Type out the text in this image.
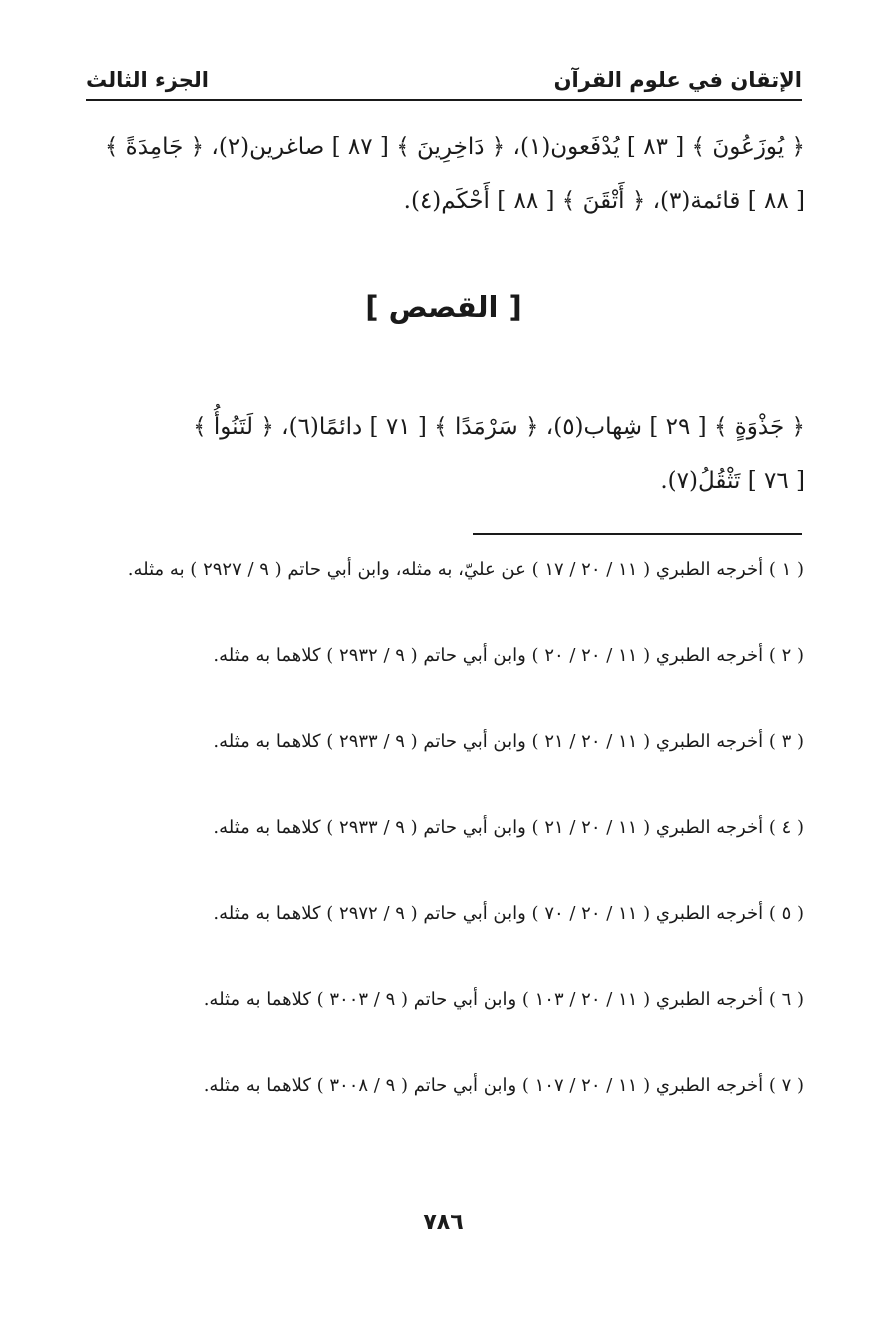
الإتقان في علوم القرآن
الجزء الثالث
﴿ يُوزَعُونَ ﴾ [ ٨٣ ] يُدْفَعون(١)، ﴿ دَاخِرِينَ ﴾ [ ٨٧ ] صاغرين(٢)، ﴿ جَامِدَةً ﴾
[ ٨٨ ] قائمة(٣)، ﴿ أَتْقَنَ ﴾ [ ٨٨ ] أَحْكَم(٤).
[ القصص ]
﴿ جَذْوَةٍ ﴾ [ ٢٩ ] شِهاب(٥)، ﴿ سَرْمَدًا ﴾ [ ٧١ ] دائمًا(٦)، ﴿ لَتَنُوأُ ﴾
[ ٧٦ ] تَثْقُلُ(٧).

( ١ ) أخرجه الطبري ( ١١ / ٢٠ / ١٧ ) عن عليّ، به مثله، وابن أبي حاتم ( ٩ / ٢٩٢٧ ) به مثله.

( ٢ ) أخرجه الطبري ( ١١ / ٢٠ / ٢٠ ) وابن أبي حاتم ( ٩ / ٢٩٣٢ ) كلاهما به مثله.

( ٣ ) أخرجه الطبري ( ١١ / ٢٠ / ٢١ ) وابن أبي حاتم ( ٩ / ٢٩٣٣ ) كلاهما به مثله.

( ٤ ) أخرجه الطبري ( ١١ / ٢٠ / ٢١ ) وابن أبي حاتم ( ٩ / ٢٩٣٣ ) كلاهما به مثله.

( ٥ ) أخرجه الطبري ( ١١ / ٢٠ / ٧٠ ) وابن أبي حاتم ( ٩ / ٢٩٧٢ ) كلاهما به مثله.

( ٦ ) أخرجه الطبري ( ١١ / ٢٠ / ١٠٣ ) وابن أبي حاتم ( ٩ / ٣٠٠٣ ) كلاهما به مثله.

( ٧ ) أخرجه الطبري ( ١١ / ٢٠ / ١٠٧ ) وابن أبي حاتم ( ٩ / ٣٠٠٨ ) كلاهما به مثله.

٧٨٦
